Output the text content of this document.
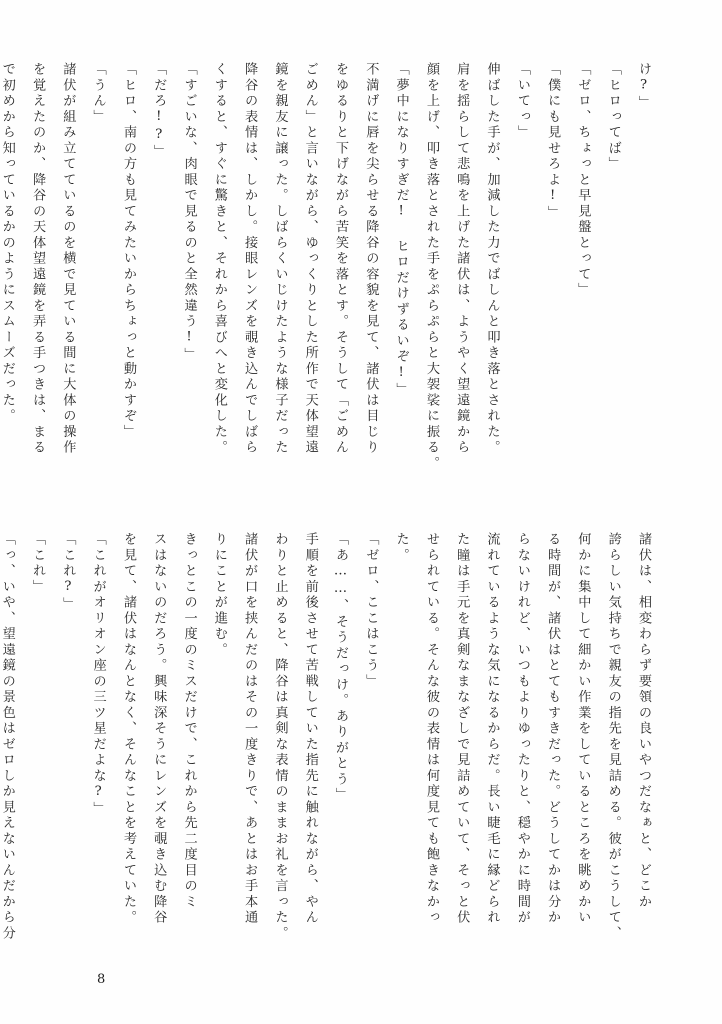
け?」
「ヒロってば」
「ゼロ、ちょっと早見盤とって」
「僕にも見せろよ!」
「いてっ」
伸ばした手が、加減した力でばしんと叩き落とされた。
肩を揺らして悲鳴を上げた諸伏は、ようやく望遠鏡から
顔を上げ、叩き落とされた手をぷらぷらと大袈裟に振る。
「夢中になりすぎだ! ヒロだけずるいぞ!」
不満げに唇を尖らせる降谷の容貌を見て、諸伏は目じり
をゆるりと下げながら苦笑を落とす。そうして「ごめん
ごめん」と言いながら、ゆっくりとした所作で天体望遠
鏡を親友に譲った。しばらくいじけたような様子だった
降谷の表情は、しかし。接眼レンズを覗き込んでしばら
くすると、すぐに驚きと、それから喜びへと変化した。
「すごいな、肉眼で見るのと全然違う!」
「だろ!?」
「ヒロ、南の方も見てみたいからちょっと動かすぞ」
「うん」
諸伏が組み立てているのを横で見ている間に大体の操作
を覚えたのか、降谷の天体望遠鏡を弄る手つきは、まる
で初めから知っているかのようにスムーズだった。
諸伏は、相変わらず要領の良いやつだなぁと、どこか
誇らしい気持ちで親友の指先を見詰める。彼がこうして、
何かに集中して細かい作業をしているところを眺めかい
る時間が、諸伏はとてもすきだった。どうしてかは分か
らないけれど、いつもよりゆったりと、穏やかに時間が
流れているような気になるからだ。長い睫毛に縁どられ
た瞳は手元を真剣なまなざしで見詰めていて、そっと伏
せられている。そんな彼の表情は何度見ても飽きなかっ
た。
「ゼロ、ここはこう」
「あ……、そうだっけ。ありがとう」
手順を前後させて苦戦していた指先に触れながら、やん
わりと止めると、降谷は真剣な表情のままお礼を言った。
諸伏が口を挟んだのはその一度きりで、あとはお手本通
りにことが進む。
きっとこの一度のミスだけで、これから先二度目のミ
スはないのだろう。興味深そうにレンズを覗き込む降谷
を見て、諸伏はなんとなく、そんなことを考えていた。
「これがオリオン座の三ツ星だよな?」
「これ?」
「これ」
「っ、いや、望遠鏡の景色はゼロしか見えないんだから分
8
